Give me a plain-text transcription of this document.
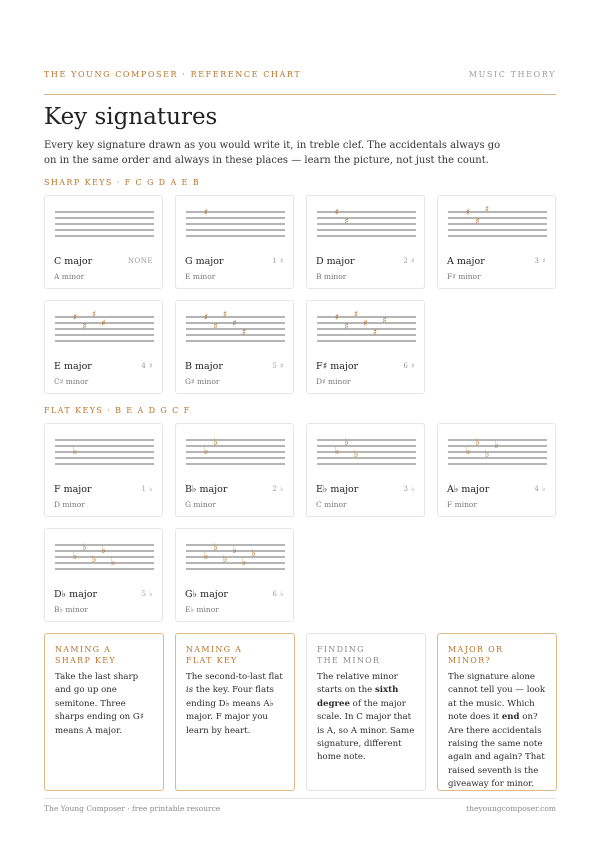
THE YOUNG COMPOSER · REFERENCE CHART	MUSIC THEORY
Key signatures
Every key signature drawn as you would write it, in treble clef. The accidentals always go on in the same order and always in these places — learn the picture, not just the count.
SHARP KEYS · F C G D A E B
C major	NONE
A minor
♯
G major	1 ♯
E minor
♯
♯
D major	2 ♯
B minor
♯
♯
♯
A major	3 ♯
F♯ minor
♯
♯
♯
♯
E major	4 ♯
C♯ minor
♯
♯
♯
♯
♯
B major	5 ♯
G♯ minor
♯
♯
♯
♯
♯
♯
F♯ major	6 ♯
D♯ minor
FLAT KEYS · B E A D G C F
♭
F major	1 ♭
D minor
♭
♭
B♭ major	2 ♭
G minor
♭
♭
♭
E♭ major	3 ♭
C minor
♭
♭
♭
♭
A♭ major	4 ♭
F minor
♭
♭
♭
♭
♭
D♭ major	5 ♭
B♭ minor
♭
♭
♭
♭
♭
♭
G♭ major	6 ♭
E♭ minor
NAMING A
SHARP KEY
Take the last sharp and go up one semitone. Three sharps ending on G♯ means A major.
NAMING A
FLAT KEY
The second-to-last flat is the key. Four flats ending D♭ means A♭ major. F major you learn by heart.
FINDING
THE MINOR
The relative minor starts on the sixth degree of the major scale. In C major that is A, so A minor. Same signature, different home note.
MAJOR OR MINOR?
The signature alone cannot tell you — look at the music. Which note does it end on? Are there accidentals raising the same note again and again? That raised seventh is the giveaway for minor.
The Young Composer · free printable resource	theyoungcomposer.com
